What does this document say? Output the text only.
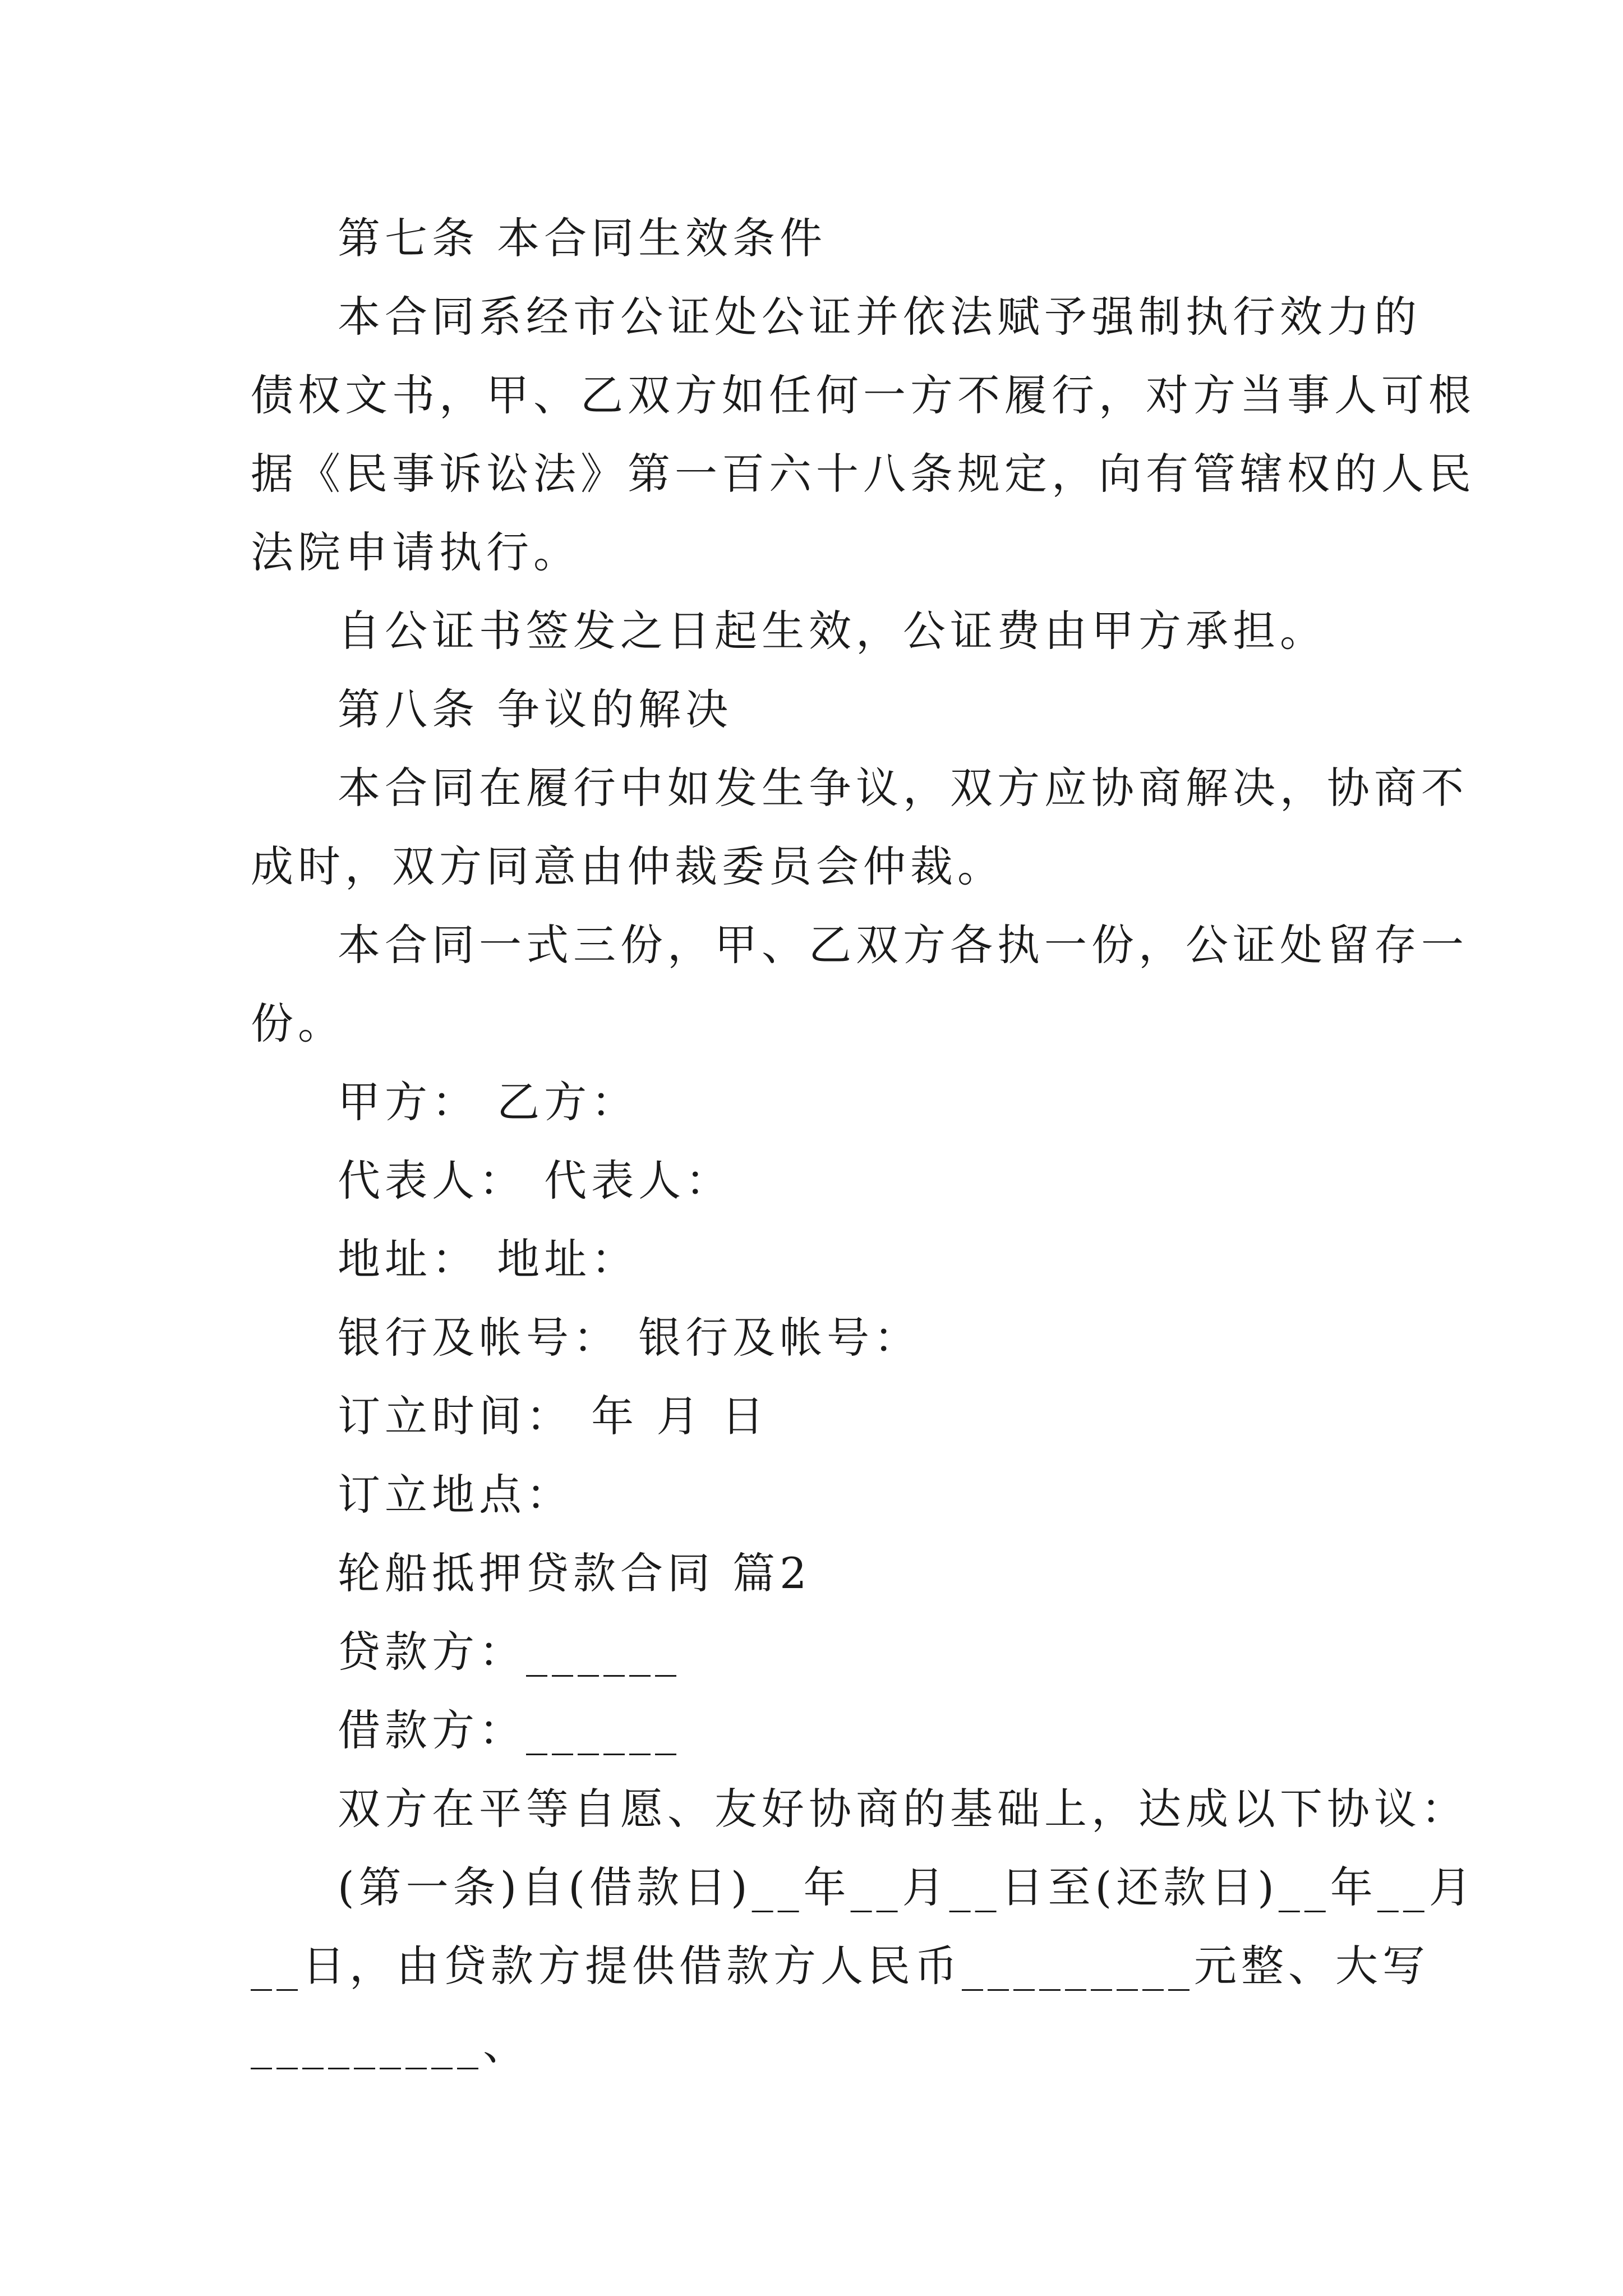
第七条 本合同生效条件
本合同系经市公证处公证并依法赋予强制执行效力的
债权文书，甲、乙双方如任何一方不履行，对方当事人可根
据《民事诉讼法》第一百六十八条规定，向有管辖权的人民
法院申请执行。
自公证书签发之日起生效，公证费由甲方承担。
第八条 争议的解决
本合同在履行中如发生争议，双方应协商解决，协商不
成时，双方同意由仲裁委员会仲裁。
本合同一式三份，甲、乙双方各执一份，公证处留存一
份。
甲方： 乙方：
代表人： 代表人：
地址： 地址：
银行及帐号： 银行及帐号：
订立时间： 年 月 日
订立地点：
轮船抵押贷款合同 篇2
贷款方：______
借款方：______
双方在平等自愿、友好协商的基础上，达成以下协议：
(第一条)自(借款日)__年__月__日至(还款日)__年__月
__日，由贷款方提供借款方人民币_________元整、大写
_________、
